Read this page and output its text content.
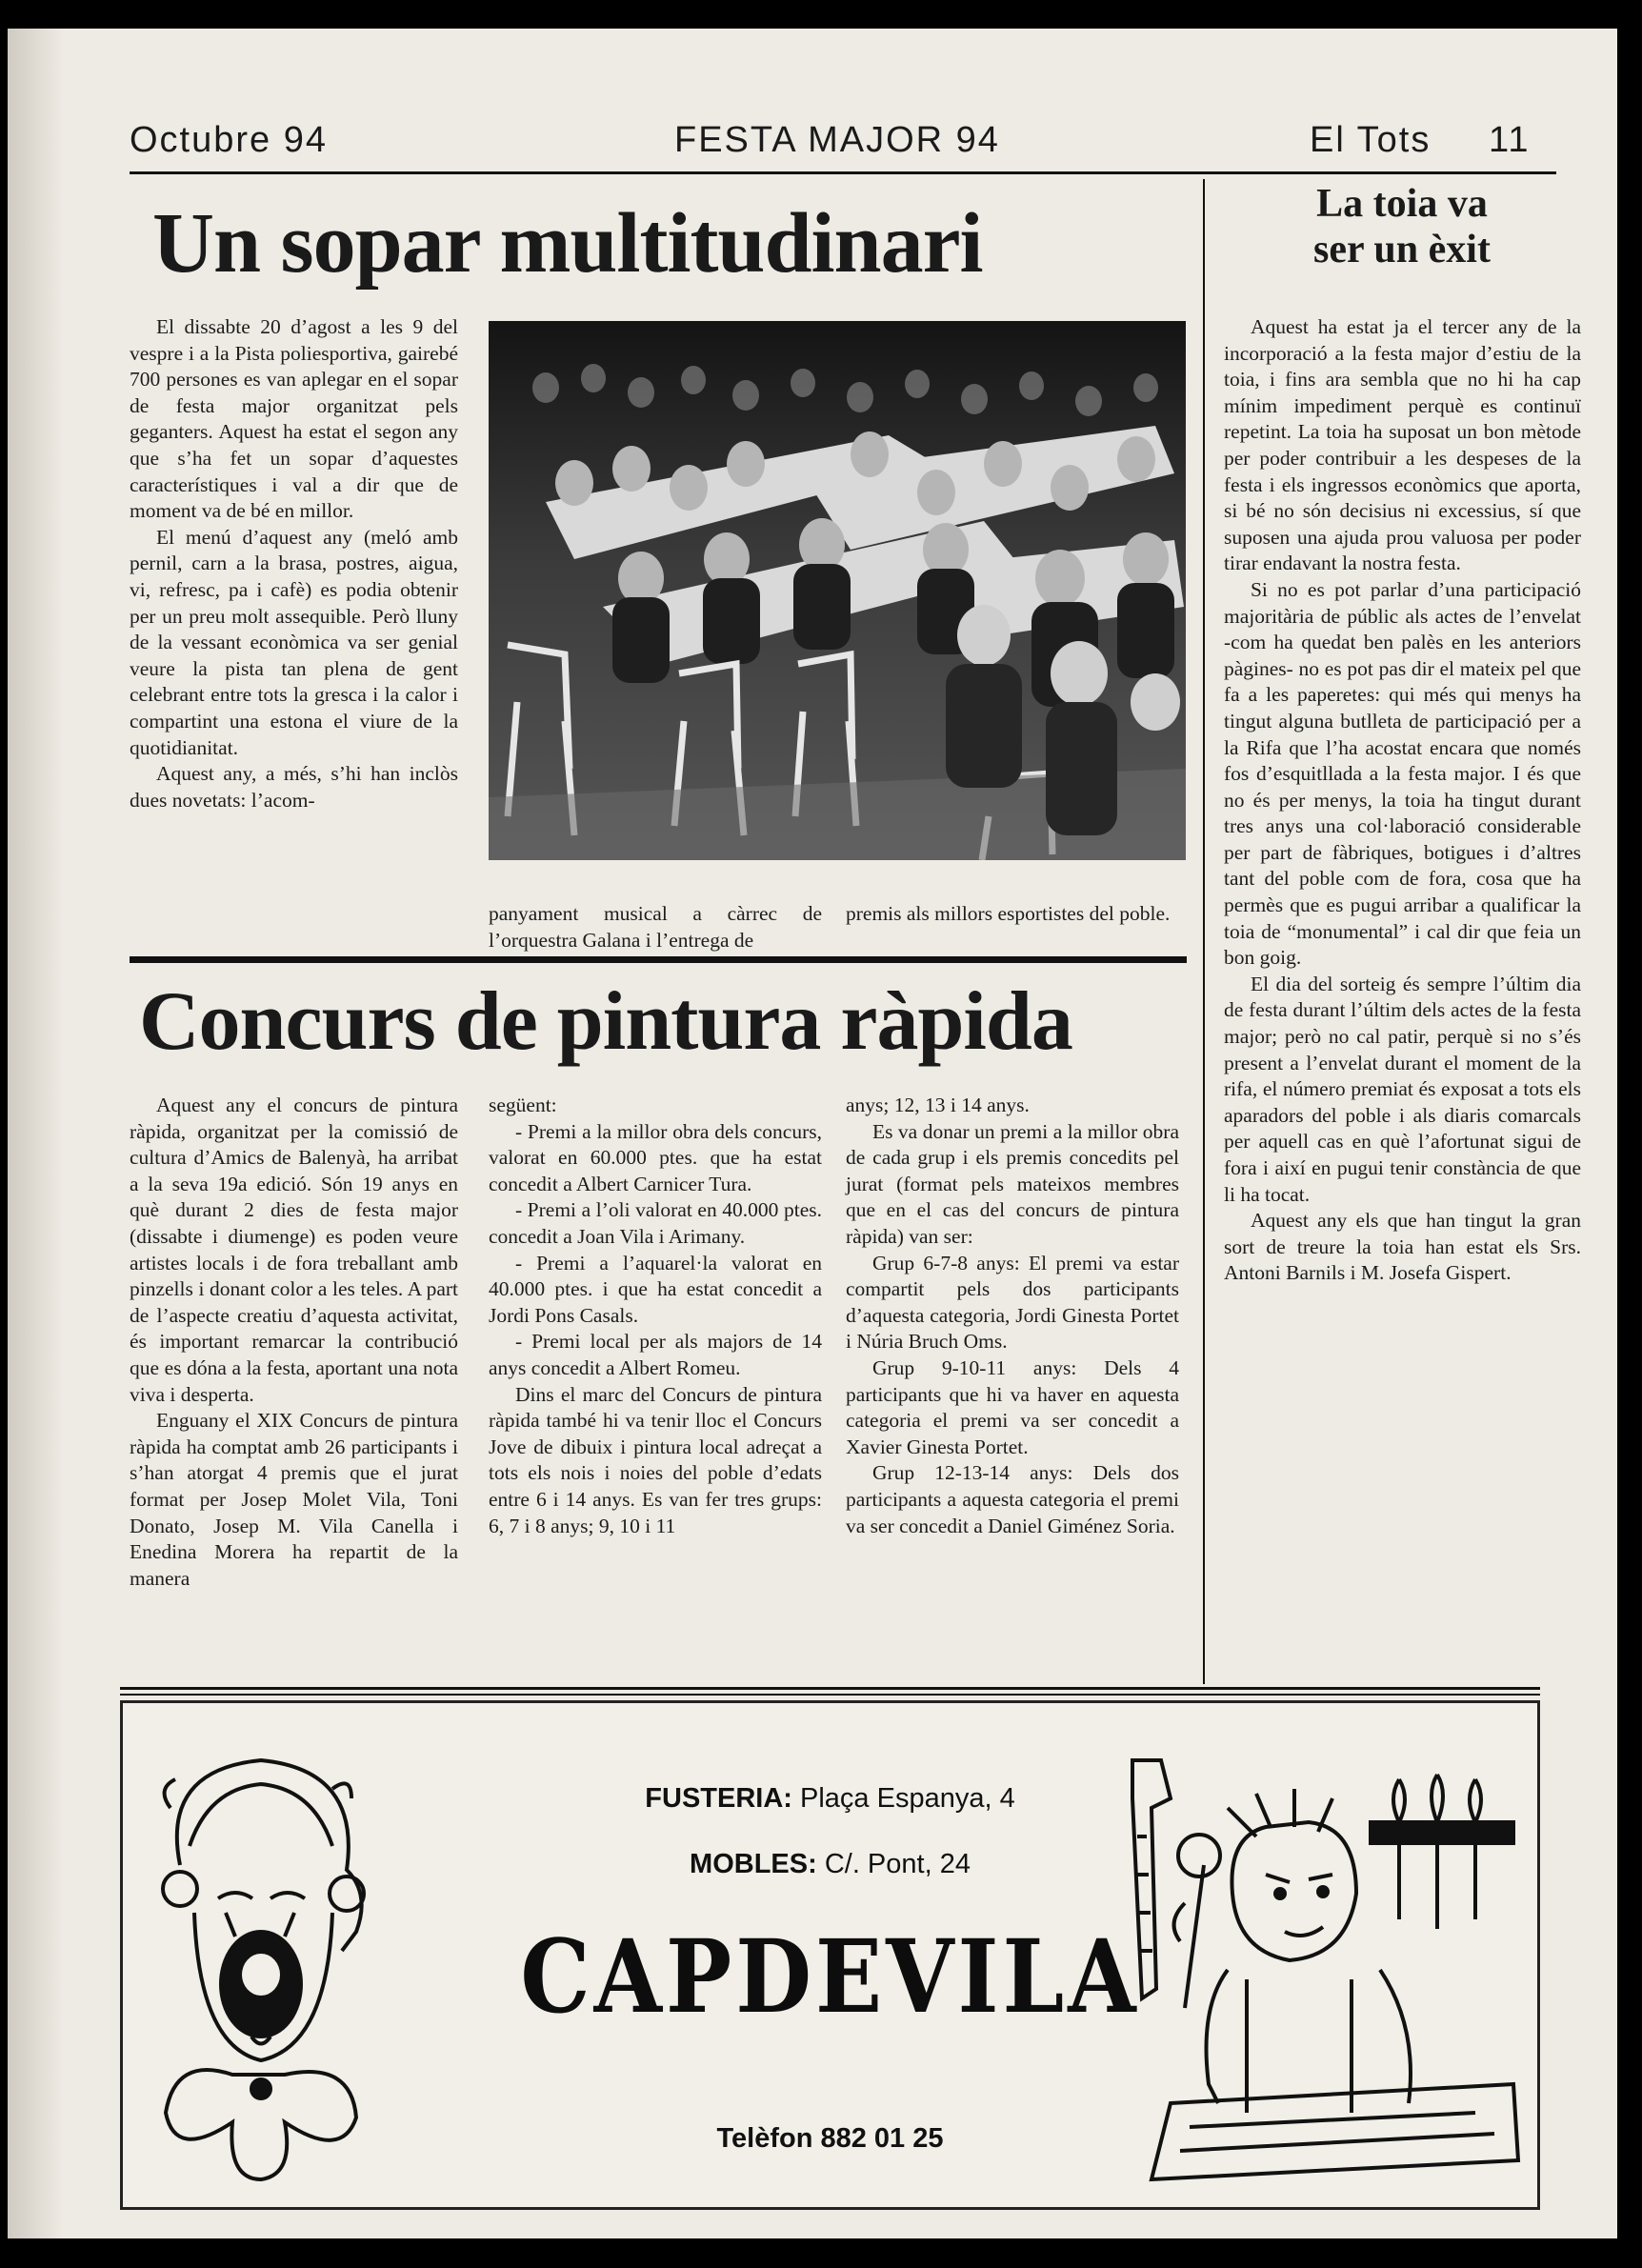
Octubre 94	FESTA MAJOR 94	El Tots 11
Un sopar multitudinari

El dissabte 20 d’agost a les 9 del vespre i a la Pista poliesportiva, gairebé 700 persones es van aplegar en el sopar de festa major organitzat pels geganters. Aquest ha estat el segon any que s’ha fet un sopar d’aquestes característiques i val a dir que de moment va de bé en millor.

El menú d’aquest any (meló amb pernil, carn a la brasa, postres, aigua, vi, refresc, pa i cafè) es podia obtenir per un preu molt assequible. Però lluny de la vessant econòmica va ser genial veure la pista tan plena de gent celebrant entre tots la gresca i la calor i compartint una estona el viure de la quotidianitat.

Aquest any, a més, s’hi han inclòs dues novetats: l’acom-

panyament musical a càrrec de l’orquestra Galana i l’entrega de

premis als millors esportistes del poble.

Concurs de pintura ràpida

Aquest any el concurs de pintura ràpida, organitzat per la comissió de cultura d’Amics de Balenyà, ha arribat a la seva 19a edició. Són 19 anys en què durant 2 dies de festa major (dissabte i diumenge) es poden veure artistes locals i de fora treballant amb pinzells i donant color a les teles. A part de l’aspecte creatiu d’aquesta activitat, és important remarcar la contribució que es dóna a la festa, aportant una nota viva i desperta.

Enguany el XIX Concurs de pintura ràpida ha comptat amb 26 participants i s’han atorgat 4 premis que el jurat format per Josep Molet Vila, Toni Donato, Josep M. Vila Canella i Enedina Morera ha repartit de la manera

següent:

- Premi a la millor obra dels concurs, valorat en 60.000 ptes. que ha estat concedit a Albert Carnicer Tura.

- Premi a l’oli valorat en 40.000 ptes. concedit a Joan Vila i Arimany.

- Premi a l’aquarel·la valorat en 40.000 ptes. i que ha estat concedit a Jordi Pons Casals.

- Premi local per als majors de 14 anys concedit a Albert Romeu.

Dins el marc del Concurs de pintura ràpida també hi va tenir lloc el Concurs Jove de dibuix i pintura local adreçat a tots els nois i noies del poble d’edats entre 6 i 14 anys. Es van fer tres grups: 6, 7 i 8 anys; 9, 10 i 11

anys; 12, 13 i 14 anys.

Es va donar un premi a la millor obra de cada grup i els premis concedits pel jurat (format pels mateixos membres que en el cas del concurs de pintura ràpida) van ser:

Grup 6-7-8 anys: El premi va estar compartit pels dos participants d’aquesta categoria, Jordi Ginesta Portet i Núria Bruch Oms.

Grup 9-10-11 anys: Dels 4 participants que hi va haver en aquesta categoria el premi va ser concedit a Xavier Ginesta Portet.

Grup 12-13-14 anys: Dels dos participants a aquesta categoria el premi va ser concedit a Daniel Giménez Soria.

La toia va
ser un èxit

Aquest ha estat ja el tercer any de la incorporació a la festa major d’estiu de la toia, i fins ara sembla que no hi ha cap mínim impediment perquè es continuï repetint. La toia ha suposat un bon mètode per poder contribuir a les despeses de la festa i els ingressos econòmics que aporta, si bé no són decisius ni excessius, sí que suposen una ajuda prou valuosa per poder tirar endavant la nostra festa.

Si no es pot parlar d’una participació majoritària de públic als actes de l’envelat -com ha quedat ben palès en les anteriors pàgines- no es pot pas dir el mateix pel que fa a les paperetes: qui més qui menys ha tingut alguna butlleta de participació per a la Rifa que l’ha acostat encara que només fos d’esquitllada a la festa major. I és que no és per menys, la toia ha tingut durant tres anys una col·laboració considerable per part de fàbriques, botigues i d’altres tant del poble com de fora, cosa que ha permès que es pugui arribar a qualificar la toia de “monumental” i cal dir que feia un bon goig.

El dia del sorteig és sempre l’últim dia de festa durant l’últim dels actes de la festa major; però no cal patir, perquè si no s’és present a l’envelat durant el moment de la rifa, el número premiat és exposat a tots els aparadors del poble i als diaris comarcals per aquell cas en què l’afortunat sigui de fora i així en pugui tenir constància de que li ha tocat.

Aquest any els que han tingut la gran sort de treure la toia han estat els Srs. Antoni Barnils i M. Josefa Gispert.

FUSTERIA: Plaça Espanya, 4
MOBLES: C/. Pont, 24
CAPDEVILA
Telèfon 882 01 25
